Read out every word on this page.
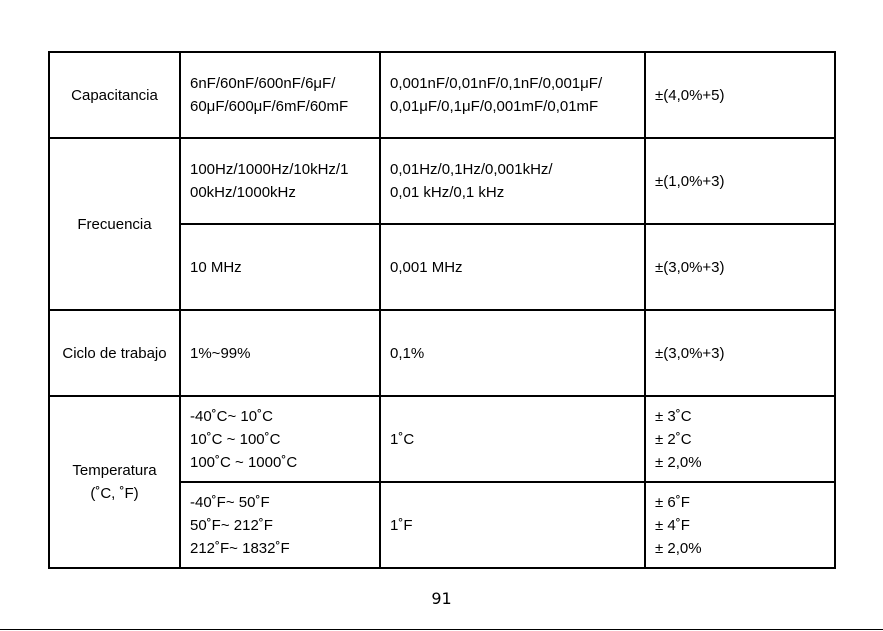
Capacitancia	6nF/60nF/600nF/6μF/
60μF/600μF/6mF/60mF	0,001nF/0,01nF/0,1nF/0,001μF/
0,01μF/0,1μF/0,001mF/0,01mF	±(4,0%+5)

Frecuencia	100Hz/1000Hz/10kHz/1
00kHz/1000kHz	0,01Hz/0,1Hz/0,001kHz/
0,01 kHz/0,1 kHz	±(1,0%+3)

	10 MHz	0,001 MHz	±(3,0%+3)

Ciclo de trabajo	1%~99%	0,1%	±(3,0%+3)

Temperatura
(˚C, ˚F)	-40˚C~ 10˚C
10˚C ~ 100˚C
100˚C ~ 1000˚C	1˚C	± 3˚C
± 2˚C
± 2,0%

	-40˚F~ 50˚F
50˚F~ 212˚F
212˚F~ 1832˚F	1˚F	± 6˚F
± 4˚F
± 2,0%
91
